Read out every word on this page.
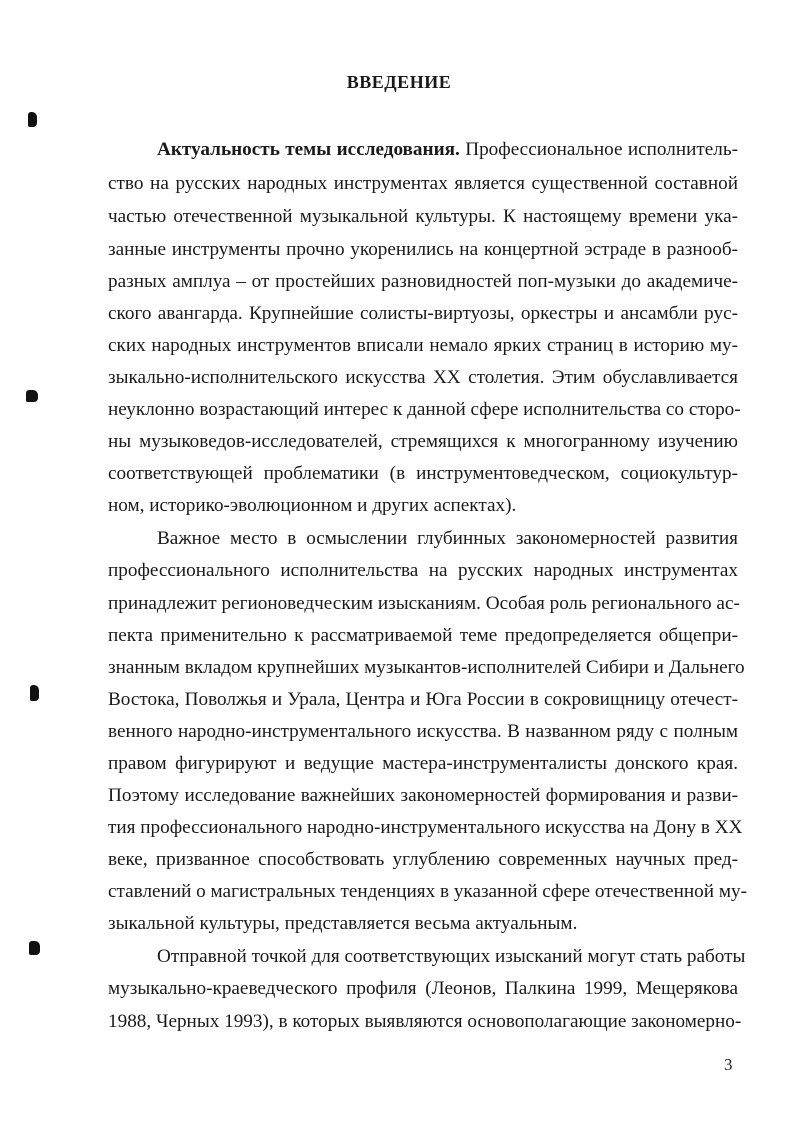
ВВЕДЕНИЕ
Актуальность темы исследования. Профессиональное исполнитель-
ство на русских народных инструментах является существенной составной
частью отечественной музыкальной культуры. К настоящему времени ука-
занные инструменты прочно укоренились на концертной эстраде в разнооб-
разных амплуа – от простейших разновидностей поп-музыки до академиче-
ского авангарда. Крупнейшие солисты-виртуозы, оркестры и ансамбли рус-
ских народных инструментов вписали немало ярких страниц в историю му-
зыкально-исполнительского искусства XX столетия. Этим обуславливается
неуклонно возрастающий интерес к данной сфере исполнительства со сторо-
ны музыковедов-исследователей, стремящихся к многогранному изучению
соответствующей проблематики (в инструментоведческом, социокультур-
ном, историко-эволюционном и других аспектах).
Важное место в осмыслении глубинных закономерностей развития
профессионального исполнительства на русских народных инструментах
принадлежит регионоведческим изысканиям. Особая роль регионального ас-
пекта применительно к рассматриваемой теме предопределяется общепри-
знанным вкладом крупнейших музыкантов-исполнителей Сибири и Дальнего
Востока, Поволжья и Урала, Центра и Юга России в сокровищницу отечест-
венного народно-инструментального искусства. В названном ряду с полным
правом фигурируют и ведущие мастера-инструменталисты донского края.
Поэтому исследование важнейших закономерностей формирования и разви-
тия профессионального народно-инструментального искусства на Дону в XX
веке, призванное способствовать углублению современных научных пред-
ставлений о магистральных тенденциях в указанной сфере отечественной му-
зыкальной культуры, представляется весьма актуальным.
Отправной точкой для соответствующих изысканий могут стать работы
музыкально-краеведческого профиля (Леонов, Палкина 1999, Мещерякова
1988, Черных 1993), в которых выявляются основополагающие закономерно-
3
